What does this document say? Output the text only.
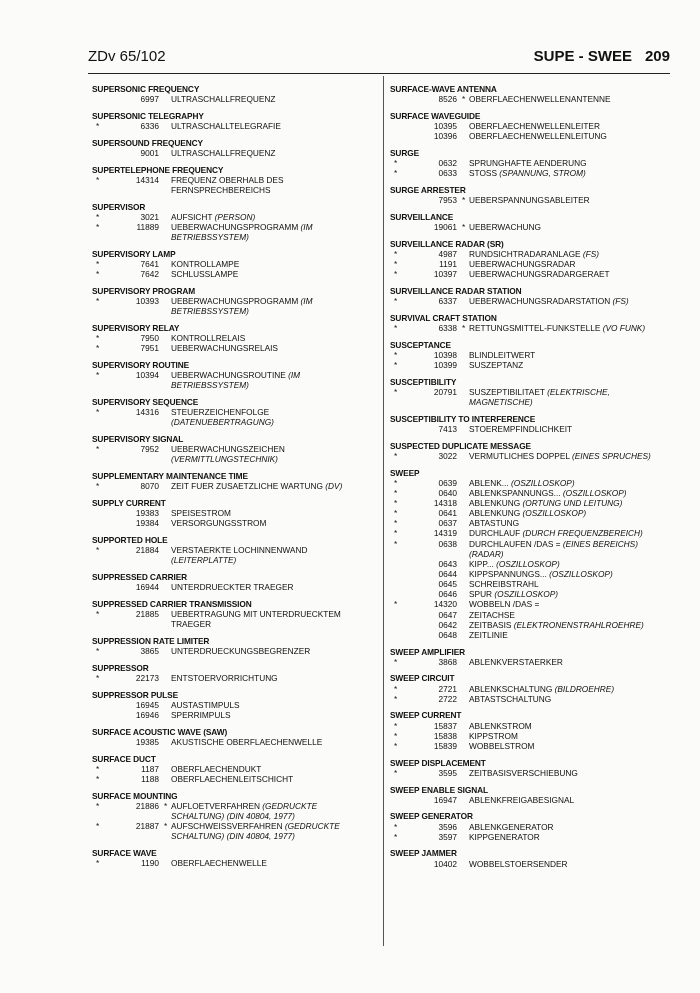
ZDv 65/102	SUPE - SWEE 209
SUPERSONIC FREQUENCY
6997 ULTRASCHALLFREQUENZ
SUPERSONIC TELEGRAPHY
*	6336 ULTRASCHALLTELEGRAFIE
SUPERSOUND FREQUENCY
9001 ULTRASCHALLFREQUENZ
SUPERTELEPHONE FREQUENCY
*	14314 FREQUENZ OBERHALB DES
FERNSPRECHBEREICHS
SUPERVISOR
*	3021 AUFSICHT (PERSON)
*	11889 UEBERWACHUNGSPROGRAMM (IM
BETRIEBSSYSTEM)
SUPERVISORY LAMP
*	7641 KONTROLLAMPE
*	7642 SCHLUSSLAMPE
SUPERVISORY PROGRAM
*	10393 UEBERWACHUNGSPROGRAMM (IM
BETRIEBSSYSTEM)
SUPERVISORY RELAY
*	7950 KONTROLLRELAIS
*	7951 UEBERWACHUNGSRELAIS
SUPERVISORY ROUTINE
*	10394 UEBERWACHUNGSROUTINE (IM
BETRIEBSSYSTEM)
SUPERVISORY SEQUENCE
*	14316 STEUERZEICHENFOLGE
(DATENUEBERTRAGUNG)
SUPERVISORY SIGNAL
*	7952 UEBERWACHUNGSZEICHEN
(VERMITTLUNGSTECHNIK)
SUPPLEMENTARY MAINTENANCE TIME
*	8070 ZEIT FUER ZUSAETZLICHE WARTUNG (DV)
SUPPLY CURRENT
19383 SPEISESTROM
19384 VERSORGUNGSSTROM
SUPPORTED HOLE
*	21884 VERSTAERKTE LOCHINNENWAND
(LEITERPLATTE)
SUPPRESSED CARRIER
16944 UNTERDRUECKTER TRAEGER
SUPPRESSED CARRIER TRANSMISSION
*	21885 UEBERTRAGUNG MIT UNTERDRUECKTEM
TRAEGER
SUPPRESSION RATE LIMITER
*	3865 UNTERDRUECKUNGSBEGRENZER
SUPPRESSOR
*	22173 ENTSTOERVORRICHTUNG
SUPPRESSOR PULSE
16945 AUSTASTIMPULS
16946 SPERRIMPULS
SURFACE ACOUSTIC WAVE (SAW)
19385 AKUSTISCHE OBERFLAECHENWELLE
SURFACE DUCT
*	1187 OBERFLAECHENDUKT
*	1188 OBERFLAECHENLEITSCHICHT
SURFACE MOUNTING
*	21886 * AUFLOETVERFAHREN (GEDRUCKTE
SCHALTUNG) (DIN 40804, 1977)
*	21887 * AUFSCHWEISSVERFAHREN (GEDRUCKTE
SCHALTUNG) (DIN 40804, 1977)
SURFACE WAVE
*	1190 OBERFLAECHENWELLE
SURFACE-WAVE ANTENNA
8526 * OBERFLAECHENWELLENANTENNE
SURFACE WAVEGUIDE
10395 OBERFLAECHENWELLENLEITER
10396 OBERFLAECHENWELLENLEITUNG
SURGE
*	0632 SPRUNGHAFTE AENDERUNG
*	0633 STOSS (SPANNUNG, STROM)
SURGE ARRESTER
7953 * UEBERSPANNUNGSABLEITER
SURVEILLANCE
19061 * UEBERWACHUNG
SURVEILLANCE RADAR (SR)
*	4987 RUNDSICHTRADARANLAGE (FS)
*	1191 UEBERWACHUNGSRADAR
*	10397 UEBERWACHUNGSRADARGERAET
SURVEILLANCE RADAR STATION
*	6337 UEBERWACHUNGSRADARSTATION (FS)
SURVIVAL CRAFT STATION
*	6338 * RETTUNGSMITTEL-FUNKSTELLE (VO FUNK)
SUSCEPTANCE
*	10398 BLINDLEITWERT
*	10399 SUSZEPTANZ
SUSCEPTIBILITY
*	20791 SUSZEPTIBILITAET (ELEKTRISCHE,
MAGNETISCHE)
SUSCEPTIBILITY TO INTERFERENCE
7413 STOEREMPFINDLICHKEIT
SUSPECTED DUPLICATE MESSAGE
*	3022 VERMUTLICHES DOPPEL (EINES SPRUCHES)
SWEEP
*	0639 ABLENK... (OSZILLOSKOP)
*	0640 ABLENKSPANNUNGS... (OSZILLOSKOP)
*	14318 ABLENKUNG (ORTUNG UND LEITUNG)
*	0641 ABLENKUNG (OSZILLOSKOP)
*	0637 ABTASTUNG
*	14319 DURCHLAUF (DURCH FREQUENZBEREICH)
*	0638 DURCHLAUFEN /DAS = (EINES BEREICHS)
(RADAR)
0643 KIPP... (OSZILLOSKOP)
0644 KIPPSPANNUNGS... (OSZILLOSKOP)
0645 SCHREIBSTRAHL
0646 SPUR (OSZILLOSKOP)
*	14320 WOBBELN /DAS =
0647 ZEITACHSE
0642 ZEITBASIS (ELEKTRONENSTRAHLROEHRE)
0648 ZEITLINIE
SWEEP AMPLIFIER
*	3868 ABLENKVERSTAERKER
SWEEP CIRCUIT
*	2721 ABLENKSCHALTUNG (BILDROEHRE)
*	2722 ABTASTSCHALTUNG
SWEEP CURRENT
*	15837 ABLENKSTROM
*	15838 KIPPSTROM
*	15839 WOBBELSTROM
SWEEP DISPLACEMENT
*	3595 ZEITBASISVERSCHIEBUNG
SWEEP ENABLE SIGNAL
16947 ABLENKFREIGABESIGNAL
SWEEP GENERATOR
*	3596 ABLENKGENERATOR
*	3597 KIPPGENERATOR
SWEEP JAMMER
10402 WOBBELSTOERSENDER
